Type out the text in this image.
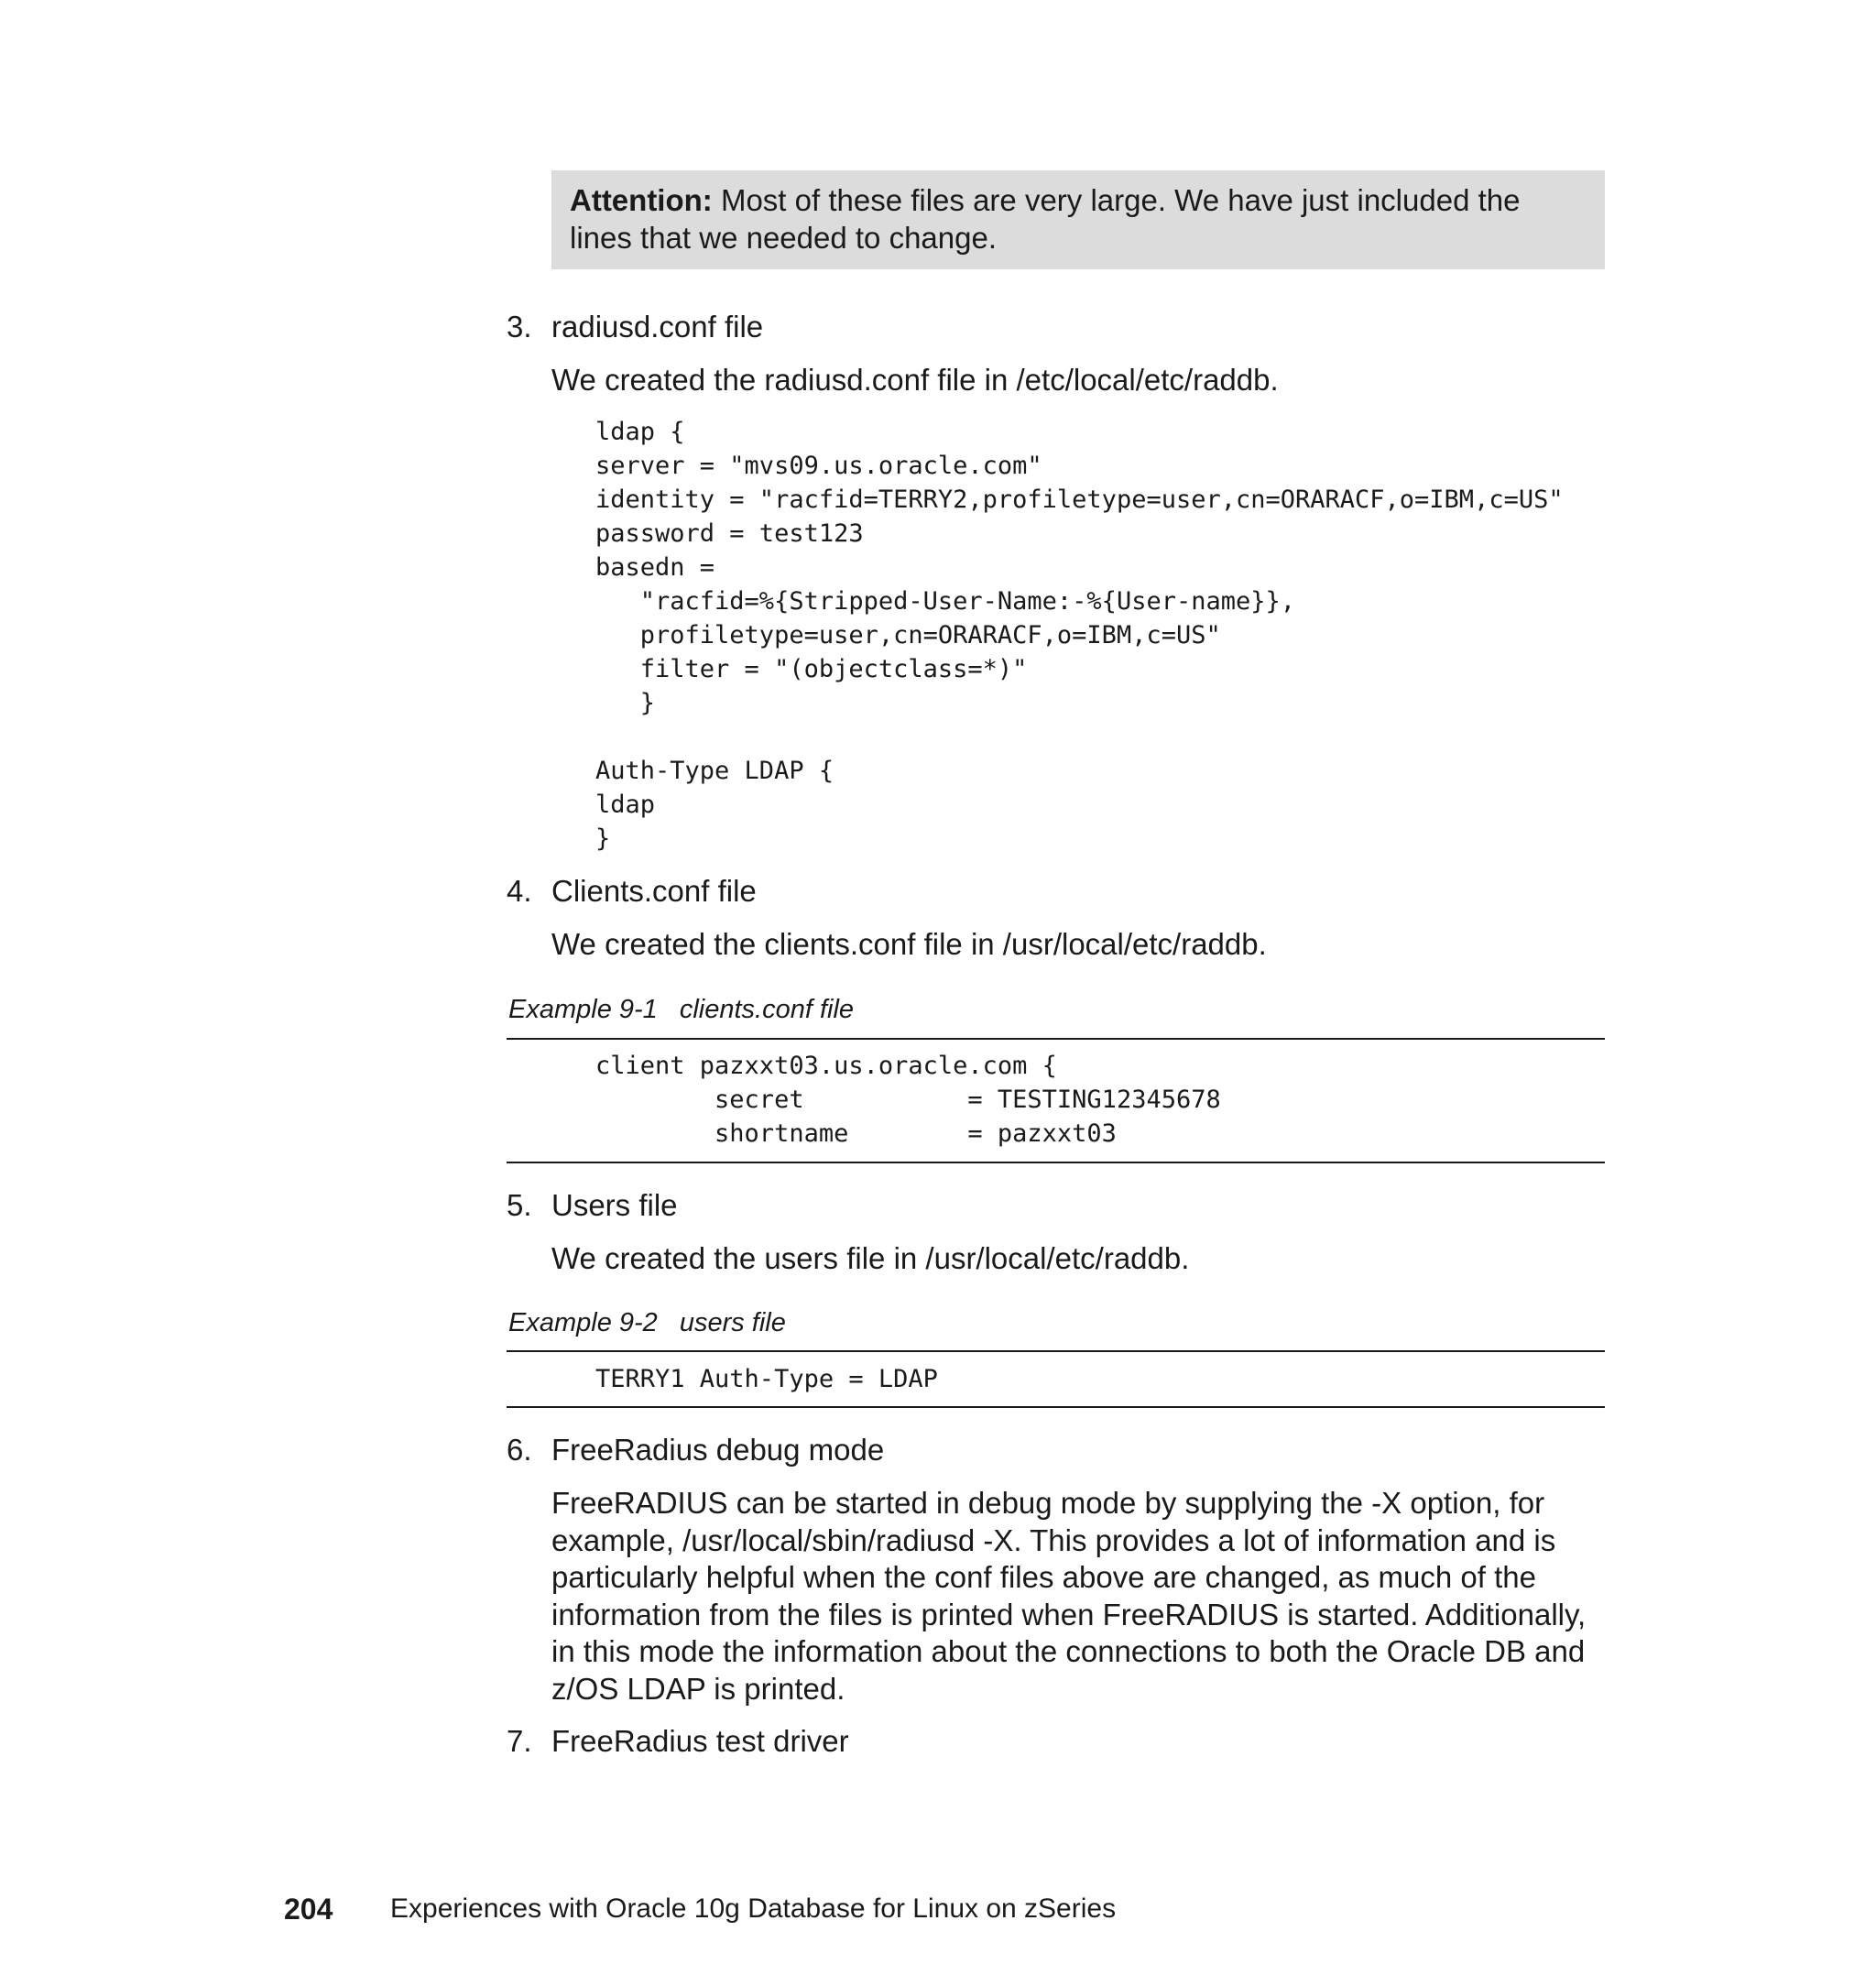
Attention: Most of these files are very large. We have just included the lines that we needed to change.
3. radiusd.conf file
We created the radiusd.conf file in /etc/local/etc/raddb.
ldap {
server = "mvs09.us.oracle.com"
identity = "racfid=TERRY2,profiletype=user,cn=ORARACF,o=IBM,c=US"
password = test123
basedn =
"racfid=%{Stripped-User-Name:-%{User-name}},
profiletype=user,cn=ORARACF,o=IBM,c=US"
filter = "(objectclass=*)"
}

Auth-Type LDAP {
ldap
}
4. Clients.conf file
We created the clients.conf file in /usr/local/etc/raddb.
Example 9-1 clients.conf file
client pazxxt03.us.oracle.com {
secret           = TESTING12345678
shortname        = pazxxt03
5. Users file
We created the users file in /usr/local/etc/raddb.
Example 9-2 users file
TERRY1 Auth-Type = LDAP
6. FreeRadius debug mode
FreeRADIUS can be started in debug mode by supplying the -X option, for example, /usr/local/sbin/radiusd -X. This provides a lot of information and is particularly helpful when the conf files above are changed, as much of the information from the files is printed when FreeRADIUS is started. Additionally, in this mode the information about the connections to both the Oracle DB and z/OS LDAP is printed.
7. FreeRadius test driver
204 Experiences with Oracle 10g Database for Linux on zSeries
